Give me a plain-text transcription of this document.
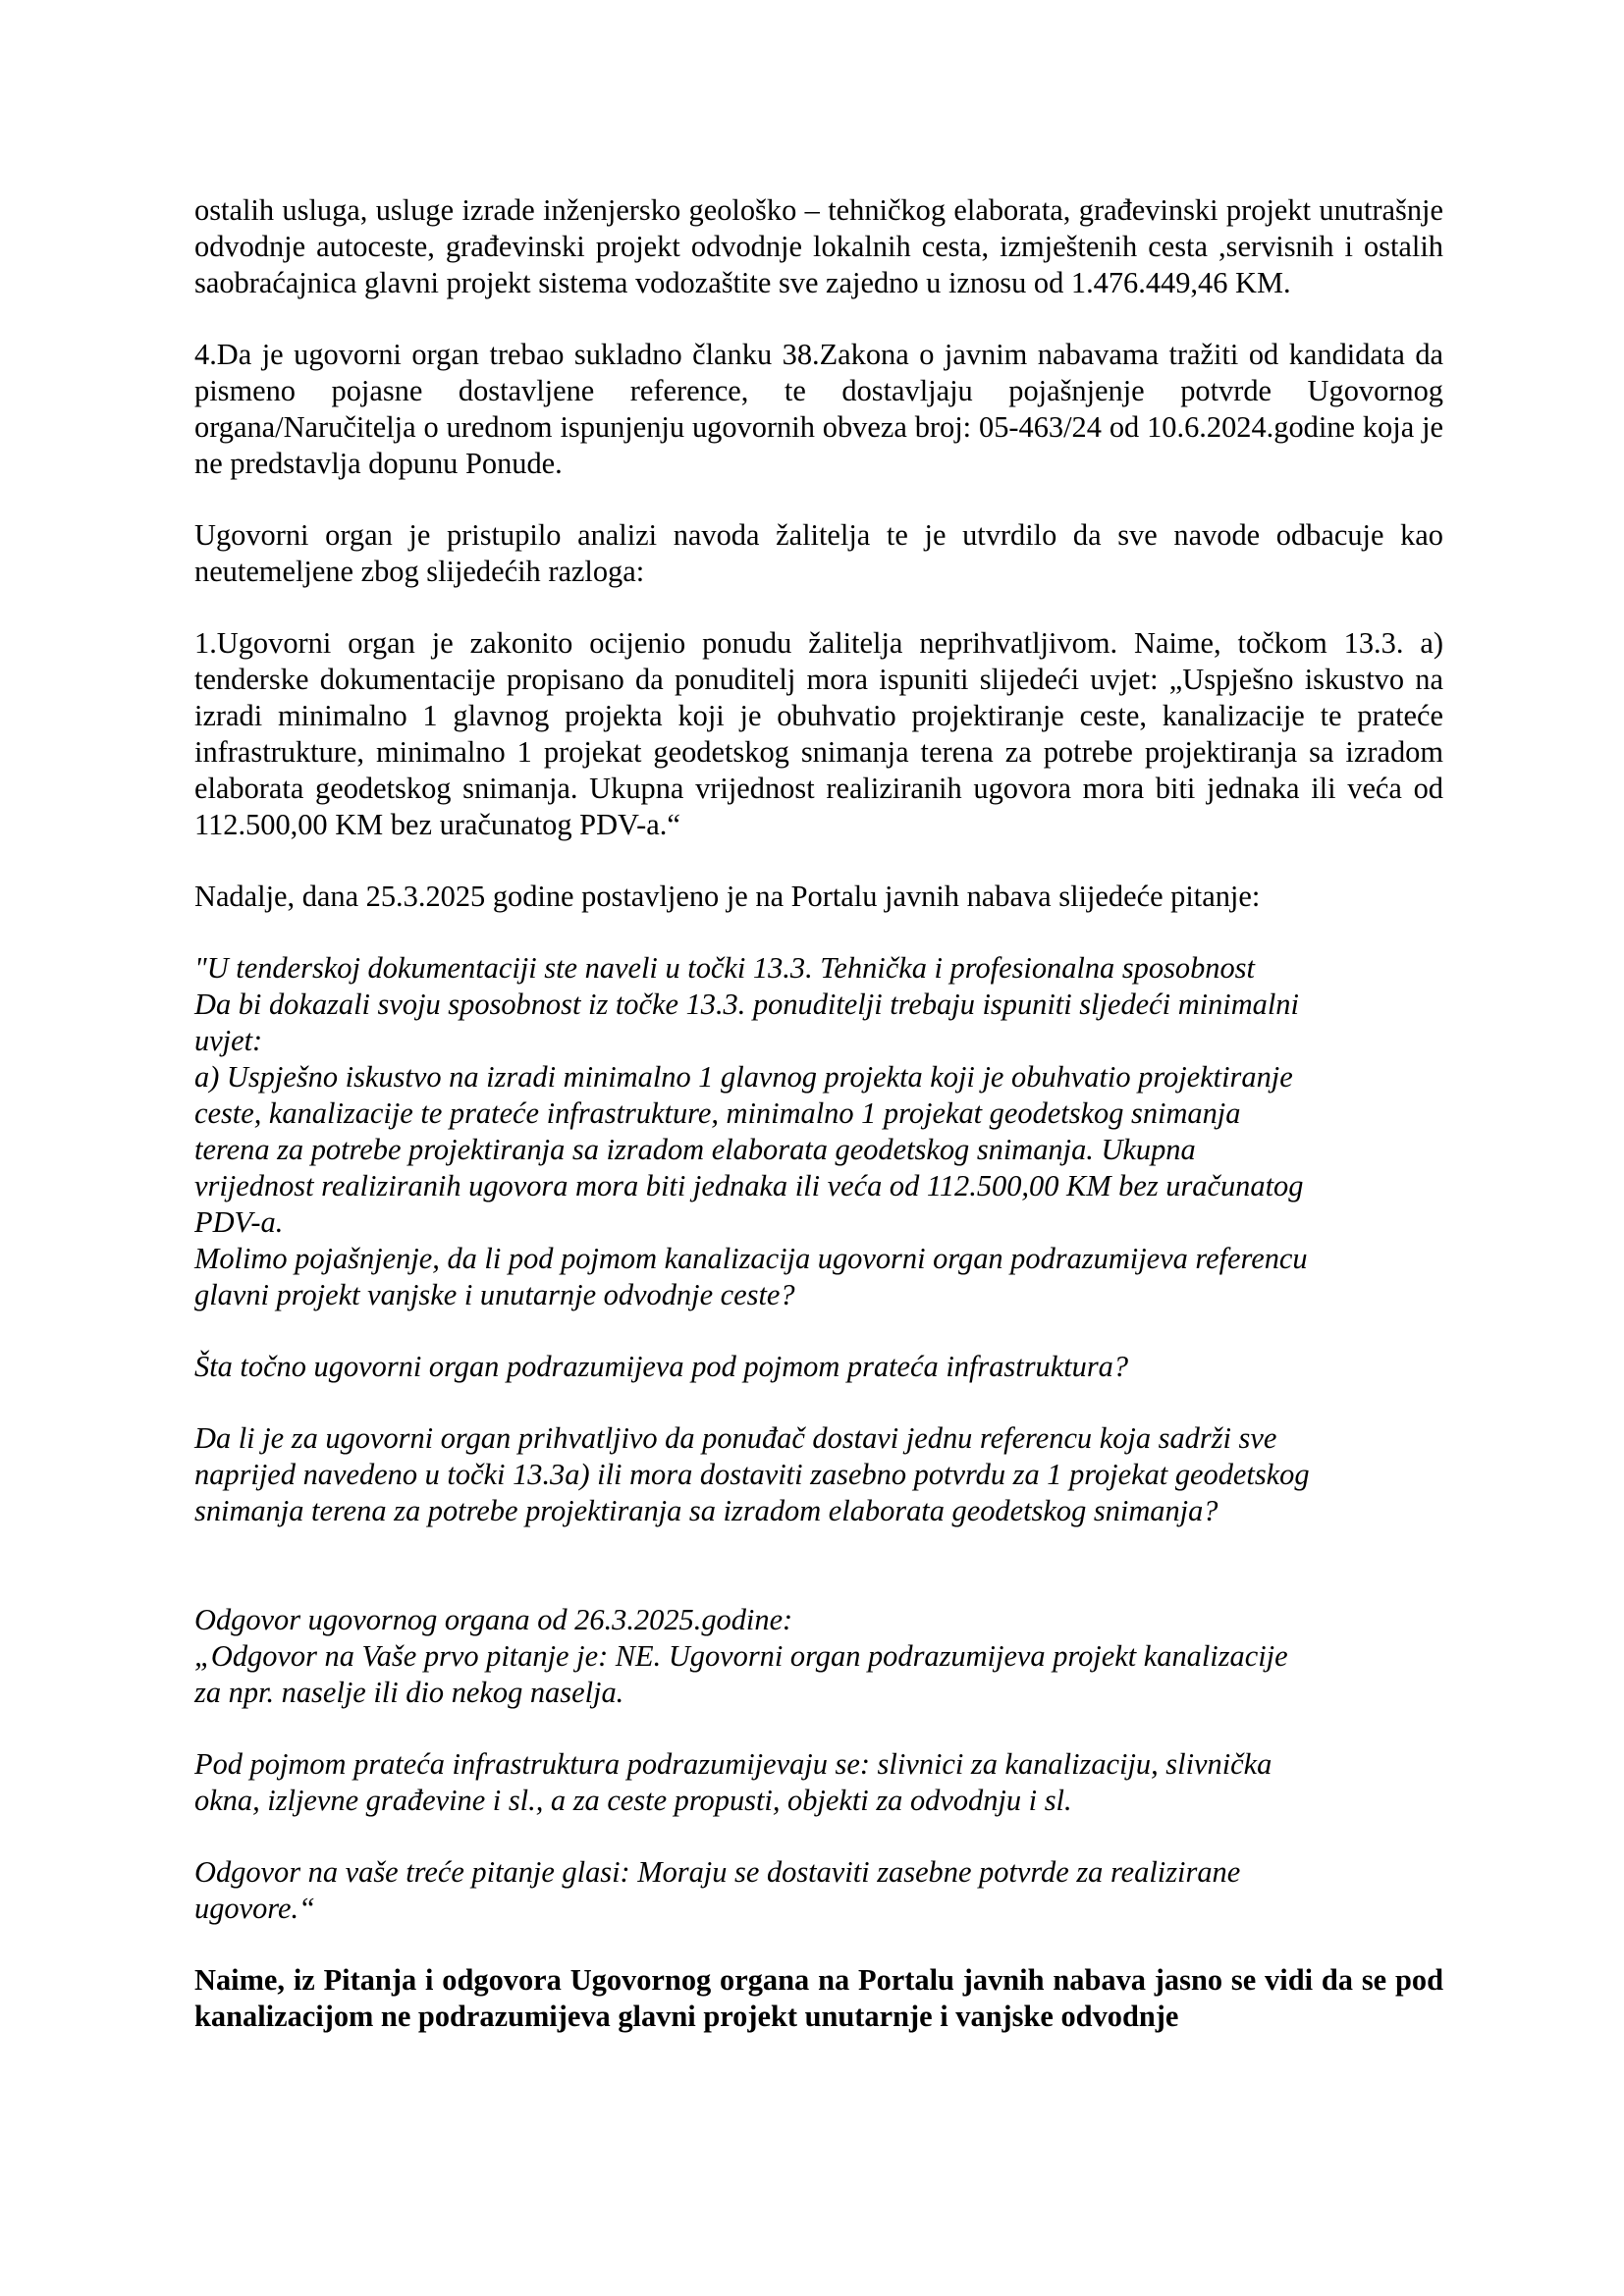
ostalih usluga, usluge izrade inženjersko geološko – tehničkog elaborata, građevinski projekt unutrašnje odvodnje autoceste, građevinski projekt odvodnje lokalnih cesta, izmještenih cesta ,servisnih i ostalih saobraćajnica glavni projekt sistema vodozaštite sve zajedno u iznosu od 1.476.449,46 KM.

4.Da je ugovorni organ trebao sukladno članku 38.Zakona o javnim nabavama tražiti od kandidata da pismeno pojasne dostavljene reference, te dostavljaju pojašnjenje potvrde Ugovornog organa/Naručitelja o urednom ispunjenju ugovornih obveza broj: 05-463/24 od 10.6.2024.godine koja je ne predstavlja dopunu Ponude.

Ugovorni organ je pristupilo analizi navoda žalitelja te je utvrdilo da sve navode odbacuje kao neutemeljene zbog slijedećih razloga:

1.Ugovorni organ je zakonito ocijenio ponudu žalitelja neprihvatljivom. Naime, točkom 13.3. a) tenderske dokumentacije propisano da ponuditelj mora ispuniti slijedeći uvjet: „Uspješno iskustvo na izradi minimalno 1 glavnog projekta koji je obuhvatio projektiranje ceste, kanalizacije te prateće infrastrukture, minimalno 1 projekat geodetskog snimanja terena za potrebe projektiranja sa izradom elaborata geodetskog snimanja. Ukupna vrijednost realiziranih ugovora mora biti jednaka ili veća od 112.500,00 KM bez uračunatog PDV-a.“

Nadalje, dana 25.3.2025 godine postavljeno je na Portalu javnih nabava slijedeće pitanje:

"U tenderskoj dokumentaciji ste naveli u točki 13.3. Tehnička i profesionalna sposobnost
Da bi dokazali svoju sposobnost iz točke 13.3. ponuditelji trebaju ispuniti sljedeći minimalni
uvjet:
a) Uspješno iskustvo na izradi minimalno 1 glavnog projekta koji je obuhvatio projektiranje
ceste, kanalizacije te prateće infrastrukture, minimalno 1 projekat geodetskog snimanja
terena za potrebe projektiranja sa izradom elaborata geodetskog snimanja. Ukupna
vrijednost realiziranih ugovora mora biti jednaka ili veća od 112.500,00 KM bez uračunatog
PDV-a.
Molimo pojašnjenje, da li pod pojmom kanalizacija ugovorni organ podrazumijeva referencu
glavni projekt vanjske i unutarnje odvodnje ceste?
Šta točno ugovorni organ podrazumijeva pod pojmom prateća infrastruktura?
Da li je za ugovorni organ prihvatljivo da ponuđač dostavi jednu referencu koja sadrži sve
naprijed navedeno u točki 13.3a) ili mora dostaviti zasebno potvrdu za 1 projekat geodetskog
snimanja terena za potrebe projektiranja sa izradom elaborata geodetskog snimanja?
Odgovor ugovornog organa od 26.3.2025.godine:
„Odgovor na Vaše prvo pitanje je: NE. Ugovorni organ podrazumijeva projekt kanalizacije
za npr. naselje ili dio nekog naselja.
Pod pojmom prateća infrastruktura podrazumijevaju se: slivnici za kanalizaciju, slivnička
okna, izljevne građevine i sl., a za ceste propusti, objekti za odvodnju i sl.
Odgovor na vaše treće pitanje glasi: Moraju se dostaviti zasebne potvrde za realizirane
ugovore.“

Naime, iz Pitanja i odgovora Ugovornog organa na Portalu javnih nabava jasno se vidi da se pod kanalizacijom ne podrazumijeva glavni projekt unutarnje i vanjske odvodnje
